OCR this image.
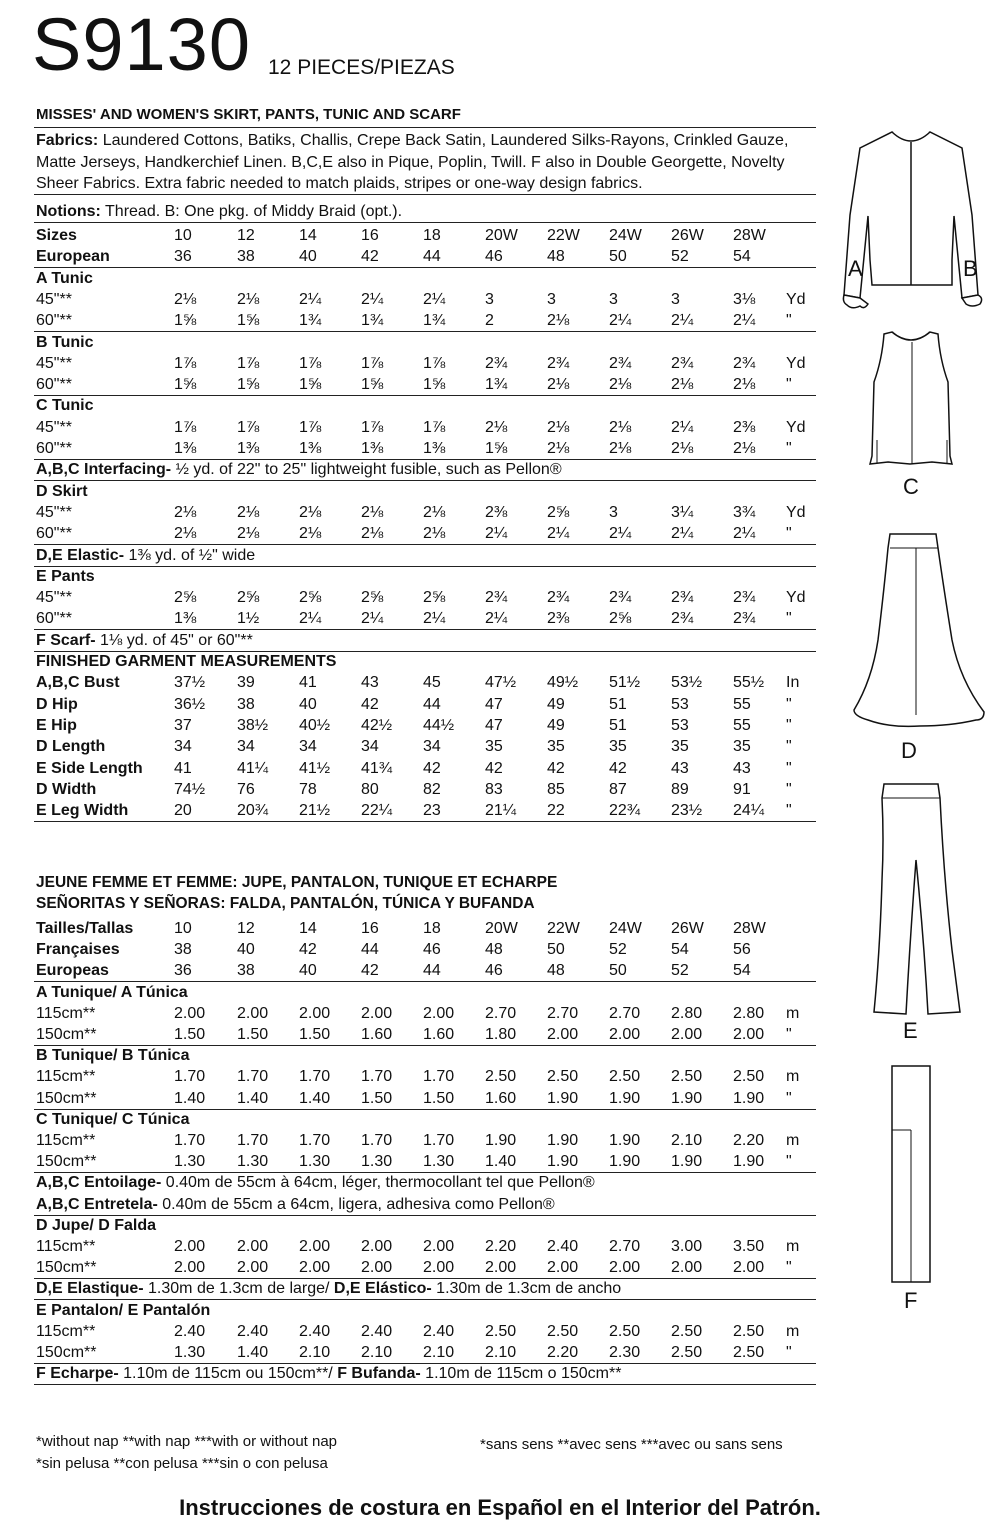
S9130 12 PIECES/PIEZAS
MISSES' AND WOMEN'S SKIRT, PANTS, TUNIC AND SCARF
Fabrics: Laundered Cottons, Batiks, Challis, Crepe Back Satin, Laundered Silks-Rayons, Crinkled Gauze,
Matte Jerseys, Handkerchief Linen. B,C,E also in Pique, Poplin, Twill. F also in Double Georgette, Novelty
Sheer Fabrics. Extra fabric needed to match plaids, stripes or one-way design fabrics.
Notions: Thread. B: One pkg. of Middy Braid (opt.).
Sizes	10	12	14	16	18	20W 22W 24W 26W 28W
European	36	38	40	42	44	46	48	50	52	54
A Tunic
45"**	2⅛	2⅛ 2¼ 2¼ 2¼ 3	3	3	3	3⅛ Yd
60"**	1⅝	1⅝ 1¾ 1¾ 1¾ 2	2⅛ 2¼ 2¼ 2¼ "
B Tunic
45"**	1⅞	1⅞ 1⅞ 1⅞ 1⅞ 2¾ 2¾ 2¾ 2¾ 2¾ Yd
60"**	1⅝	1⅝ 1⅝ 1⅝ 1⅝ 1¾ 2⅛ 2⅛ 2⅛ 2⅛ "
C Tunic
45"**	1⅞	1⅞ 1⅞ 1⅞ 1⅞ 2⅛ 2⅛ 2⅛ 2¼ 2⅜ Yd
60"**	1⅜	1⅜ 1⅜ 1⅜ 1⅜ 1⅝ 2⅛ 2⅛ 2⅛ 2⅛ "
A,B,C Interfacing- ½ yd. of 22" to 25" lightweight fusible, such as Pellon®
D Skirt
45"**	2⅛	2⅛ 2⅛ 2⅛ 2⅛ 2⅜ 2⅝ 3	3¼ 3¾ Yd
60"**	2⅛	2⅛ 2⅛ 2⅛ 2⅛ 2¼ 2¼ 2¼ 2¼ 2¼ "
D,E Elastic- 1⅜ yd. of ½" wide
E Pants
45"**	2⅝	2⅝ 2⅝ 2⅝ 2⅝ 2¾ 2¾ 2¾ 2¾ 2¾ Yd
60"**	1⅜	1½ 2¼ 2¼ 2¼ 2¼ 2⅜ 2⅝ 2¾ 2¾ "
F Scarf- 1⅛ yd. of 45" or 60"**
FINISHED GARMENT MEASUREMENTS
A,B,C Bust	37½ 39	41	43	45	47½ 49½ 51½ 53½ 55½ In
D Hip	36½ 38	40	42	44	47	49	51	53	55 "
E Hip	37	38½ 40½ 42½ 44½ 47	49	51	53	55 "
D Length	34	34	34	34	34	35	35	35	35	35 "
E Side Length 41	41¼ 41½ 41¾ 42	42	42	42	43	43 "
D Width	74½ 76	78	80	82	83	85	87	89	91 "
E Leg Width	20	20¾ 21½ 22¼ 23	21¼ 22	22¾ 23½ 24¼ "
JEUNE FEMME ET FEMME: JUPE, PANTALON, TUNIQUE ET ECHARPE
SEÑORITAS Y SEÑORAS: FALDA, PANTALÓN, TÚNICA Y BUFANDA
Tailles/Tallas	10	12	14	16	18	20W 22W 24W 26W 28W
Françaises	38	40	42	44	46	48	50	52	54	56
Europeas	36	38	40	42	44	46	48	50	52	54
A Tunique/ A Túnica
115cm**	2.00 2.00 2.00 2.00 2.00 2.70 2.70 2.70 2.80 2.80 m
150cm**	1.50 1.50 1.50 1.60 1.60 1.80 2.00 2.00 2.00 2.00 "
B Tunique/ B Túnica
115cm**	1.70 1.70 1.70 1.70 1.70 2.50 2.50 2.50 2.50 2.50 m
150cm**	1.40 1.40 1.40 1.50 1.50 1.60 1.90 1.90 1.90 1.90 "
C Tunique/ C Túnica
115cm**	1.70 1.70 1.70 1.70 1.70 1.90 1.90 1.90 2.10 2.20 m
150cm**	1.30 1.30 1.30 1.30 1.30 1.40 1.90 1.90 1.90 1.90 "
A,B,C Entoilage- 0.40m de 55cm à 64cm, léger, thermocollant tel que Pellon®
A,B,C Entretela- 0.40m de 55cm a 64cm, ligera, adhesiva como Pellon®
D Jupe/ D Falda
115cm**	2.00 2.00 2.00 2.00 2.00 2.20 2.40 2.70 3.00 3.50 m
150cm**	2.00 2.00 2.00 2.00 2.00 2.00 2.00 2.00 2.00 2.00 "
D,E Elastique- 1.30m de 1.3cm de large/ D,E Elástico- 1.30m de 1.3cm de ancho
E Pantalon/ E Pantalón
115cm**	2.40 2.40 2.40 2.40 2.40 2.50 2.50 2.50 2.50 2.50 m
150cm**	1.30 1.40 2.10 2.10 2.10 2.10 2.20 2.30 2.50 2.50 "
F Echarpe- 1.10m de 115cm ou 150cm**/ F Bufanda- 1.10m de 115cm o 150cm**
*without nap **with nap ***with or without nap
*sin pelusa **con pelusa ***sin o con pelusa
*sans sens **avec sens ***avec ou sans sens
Instrucciones de costura en Español en el Interior del Patrón.
A	B
C
D
E
F
